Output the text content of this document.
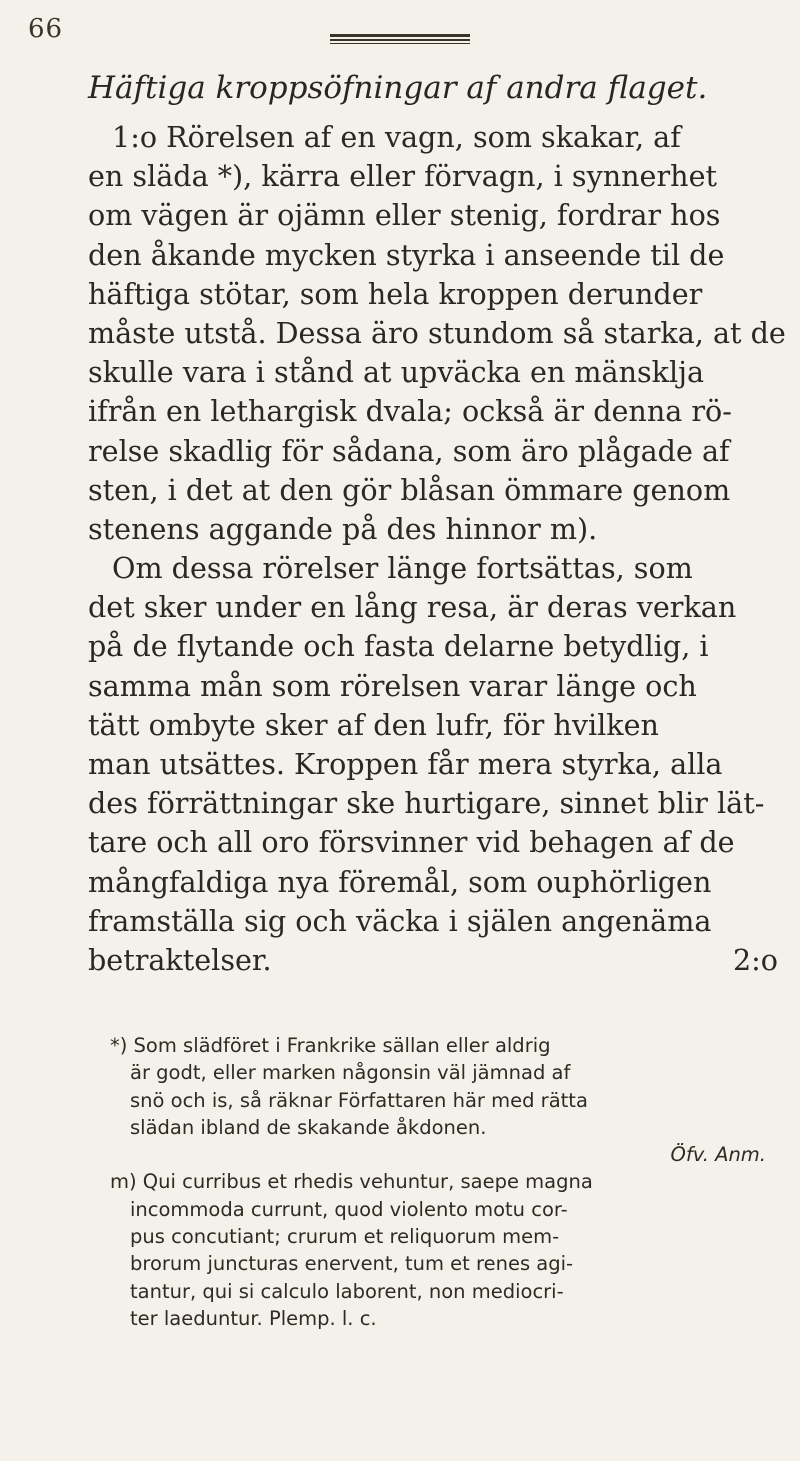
66
Häftiga kroppsöfningar af andra flaget.
1:o Rörelsen af en vagn, som skakar, af
en släda *), kärra eller förvagn, i synnerhet
om vägen är ojämn eller stenig, fordrar hos
den åkande mycken styrka i anseende til de
häftiga stötar, som hela kroppen derunder
måste utstå. Dessa äro stundom så starka, at de
skulle vara i stånd at upväcka en mänsklja
ifrån en lethargisk dvala; också är denna rö-
relse skadlig för sådana, som äro plågade af
sten, i det at den gör blåsan ömmare genom
stenens aggande på des hinnor m).
Om dessa rörelser länge fortsättas, som
det sker under en lång resa, är deras verkan
på de flytande och fasta delarne betydlig, i
samma mån som rörelsen varar länge och
tätt ombyte sker af den lufr, för hvilken
man utsättes. Kroppen får mera styrka, alla
des förrättningar ske hurtigare, sinnet blir lät-
tare och all oro försvinner vid behagen af de
mångfaldiga nya föremål, som ouphörligen
framställa sig och väcka i själen angenäma
betraktelser.	2:o
*) Som slädföret i Frankrike sällan eller aldrig
är godt, eller marken någonsin väl jämnad af
snö och is, så räknar Författaren här med rätta
slädan ibland de skakande åkdonen.
Öfv. Anm.
m) Qui curribus et rhedis vehuntur, saepe magna
incommoda currunt, quod violento motu cor-
pus concutiant; crurum et reliquorum mem-
brorum juncturas enervent, tum et renes agi-
tantur, qui si calculo laborent, non mediocri-
ter laeduntur. Plemp. l. c.
